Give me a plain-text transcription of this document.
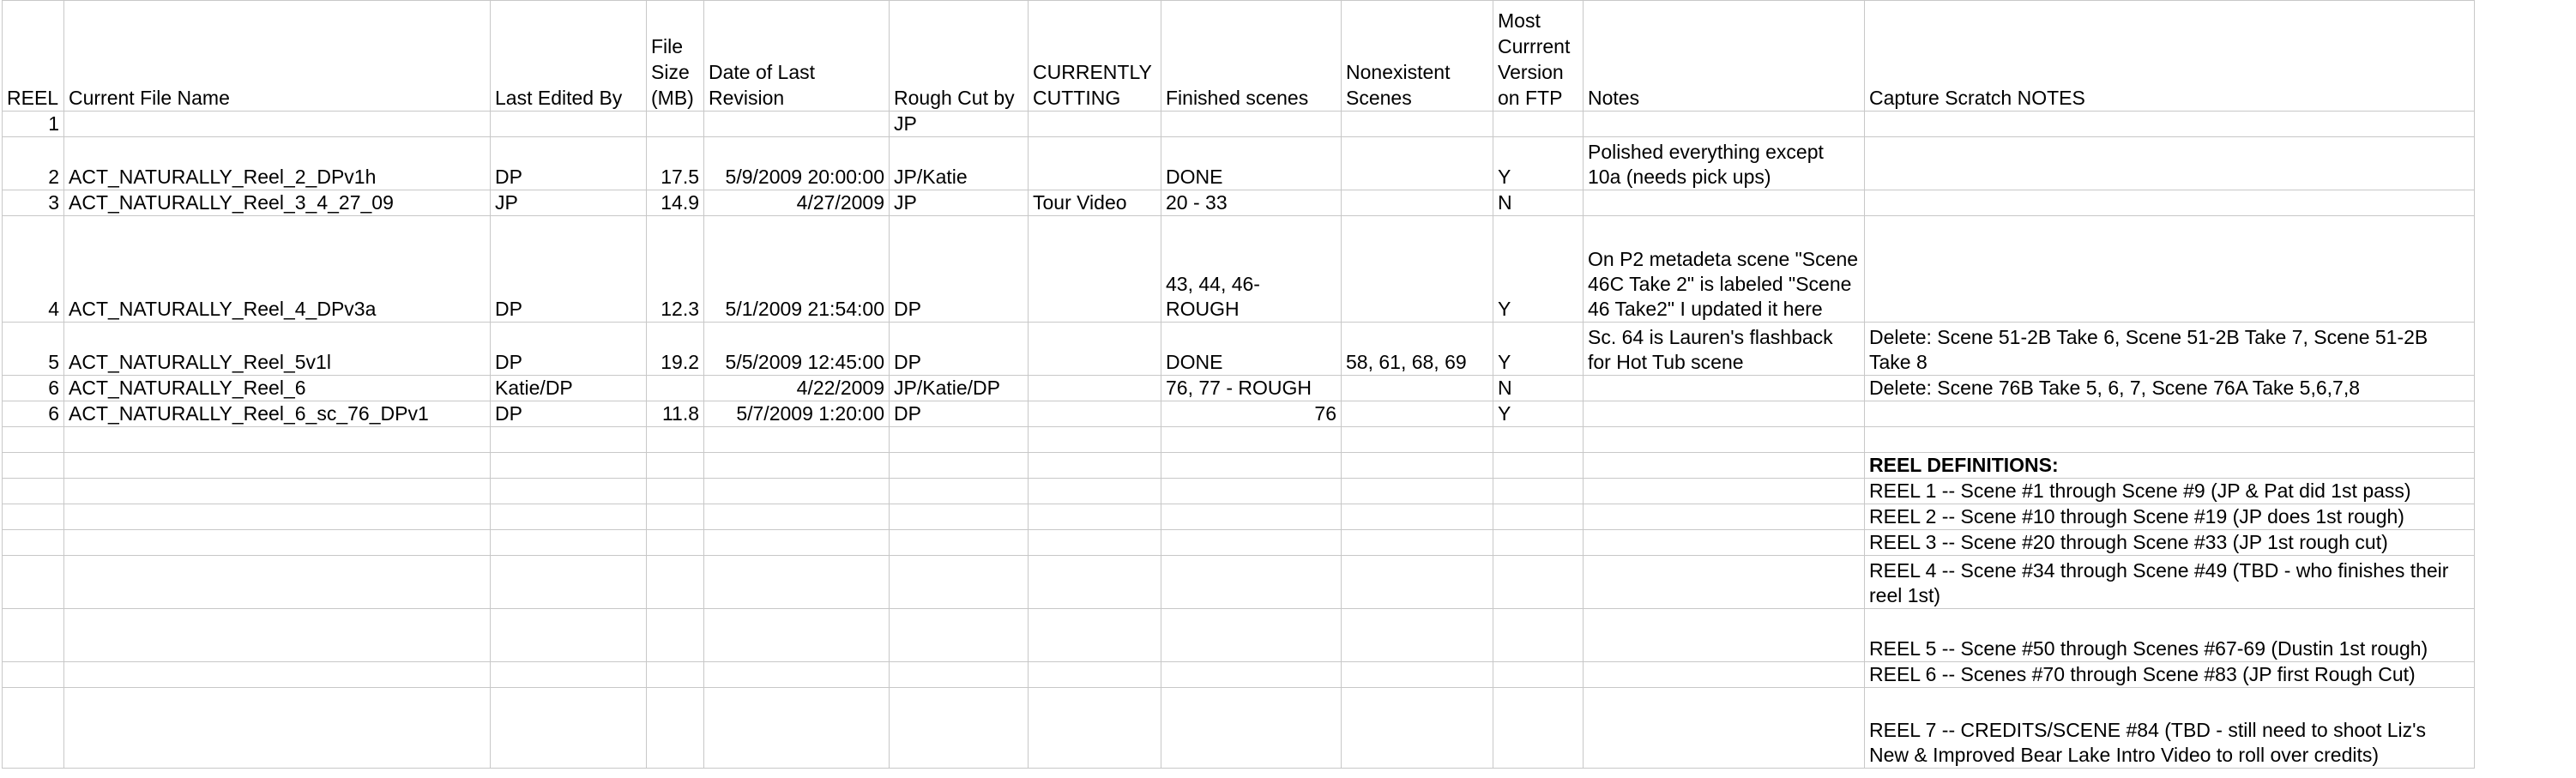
REEL	Current File Name	Last Edited By	File Size (MB)	Date of Last Revision	Rough Cut by	CURRENTLY CUTTING	Finished scenes	Nonexistent Scenes	Most Currrent Version on FTP	Notes	Capture Scratch NOTES
1					JP						
2	ACT_NATURALLY_Reel_2_DPv1h	DP	17.5	5/9/2009 20:00:00	JP/Katie		DONE		Y	Polished everything except 10a (needs pick ups)	
3	ACT_NATURALLY_Reel_3_4_27_09	JP	14.9	4/27/2009	JP	Tour Video	20 - 33		N		
4	ACT_NATURALLY_Reel_4_DPv3a	DP	12.3	5/1/2009 21:54:00	DP		43, 44, 46- ROUGH		Y	On P2 metadeta scene "Scene 46C Take 2" is labeled "Scene 46 Take2" I updated it here	
5	ACT_NATURALLY_Reel_5v1l	DP	19.2	5/5/2009 12:45:00	DP		DONE	58, 61, 68, 69	Y	Sc. 64 is Lauren's flashback for Hot Tub scene	Delete: Scene 51-2B Take 6, Scene 51-2B Take 7, Scene 51-2B Take 8
6	ACT_NATURALLY_Reel_6	Katie/DP		4/22/2009	JP/Katie/DP		76, 77 - ROUGH		N		Delete: Scene 76B Take 5, 6, 7, Scene 76A Take 5,6,7,8
6	ACT_NATURALLY_Reel_6_sc_76_DPv1	DP	11.8	5/7/2009 1:20:00	DP		76		Y		

											REEL DEFINITIONS:
											REEL 1 -- Scene #1 through Scene #9 (JP & Pat did 1st pass)
											REEL 2 -- Scene #10 through Scene #19 (JP does 1st rough)
											REEL 3 -- Scene #20 through Scene #33 (JP 1st rough cut)
											REEL 4 -- Scene #34 through Scene #49 (TBD - who finishes their reel 1st)
											REEL 5 -- Scene #50 through Scenes #67-69 (Dustin 1st rough)
											REEL 6 -- Scenes #70 through Scene #83 (JP first Rough Cut)
											REEL 7 -- CREDITS/SCENE #84 (TBD - still need to shoot Liz's New & Improved Bear Lake Intro Video to roll over credits)
